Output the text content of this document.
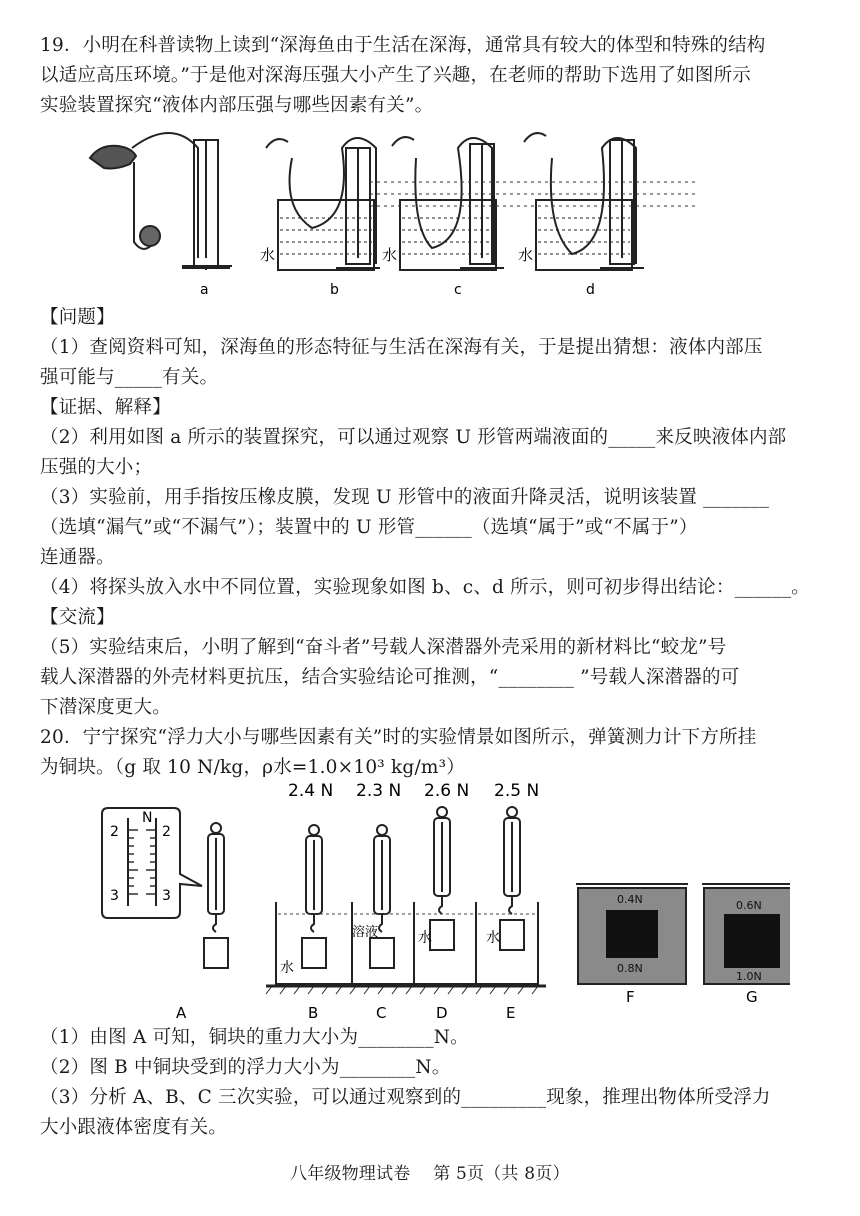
19．小明在科普读物上读到“深海鱼由于生活在深海，通常具有较大的体型和特殊的结构
以适应高压环境。”于是他对深海压强大小产生了兴趣，在老师的帮助下选用了如图所示
实验装置探究“液体内部压强与哪些因素有关”。
水	水	水
a	b	c	d
【问题】
（1）查阅资料可知，深海鱼的形态特征与生活在深海有关，于是提出猜想：液体内部压
强可能与_____有关。
【证据、解释】
（2）利用如图 a 所示的装置探究，可以通过观察 U 形管两端液面的_____来反映液体内部
压强的大小；
（3）实验前，用手指按压橡皮膜，发现 U 形管中的液面升降灵活，说明该装置 _______
（选填“漏气”或“不漏气”）；装置中的 U 形管______（选填“属于”或“不属于”）
连通器。
（4）将探头放入水中不同位置，实验现象如图 b、c、d 所示，则可初步得出结论：______。
【交流】
（5）实验结束后，小明了解到“奋斗者”号载人深潜器外壳采用的新材料比“蛟龙”号
载人深潜器的外壳材料更抗压，结合实验结论可推测，“________ ”号载人深潜器的可
下潜深度更大。
20．宁宁探究“浮力大小与哪些因素有关”时的实验情景如图所示，弹簧测力计下方所挂
为铜块。（g 取 10 N/kg，ρ水=1.0×10³ kg/m³）
2.4 N 2.3 N 2.6 N 2.5 N
N
2	2
3	3
水
溶液	水	水
0.4N
0.8N
0.6N
1.0N
A	B	C	D	E
F	G
（1）由图 A 可知，铜块的重力大小为________N。
（2）图 B 中铜块受到的浮力大小为________N。
（3）分析 A、B、C 三次实验，可以通过观察到的_________现象，推理出物体所受浮力
大小跟液体密度有关。
八年级物理试卷　 第 5页（共 8页）
